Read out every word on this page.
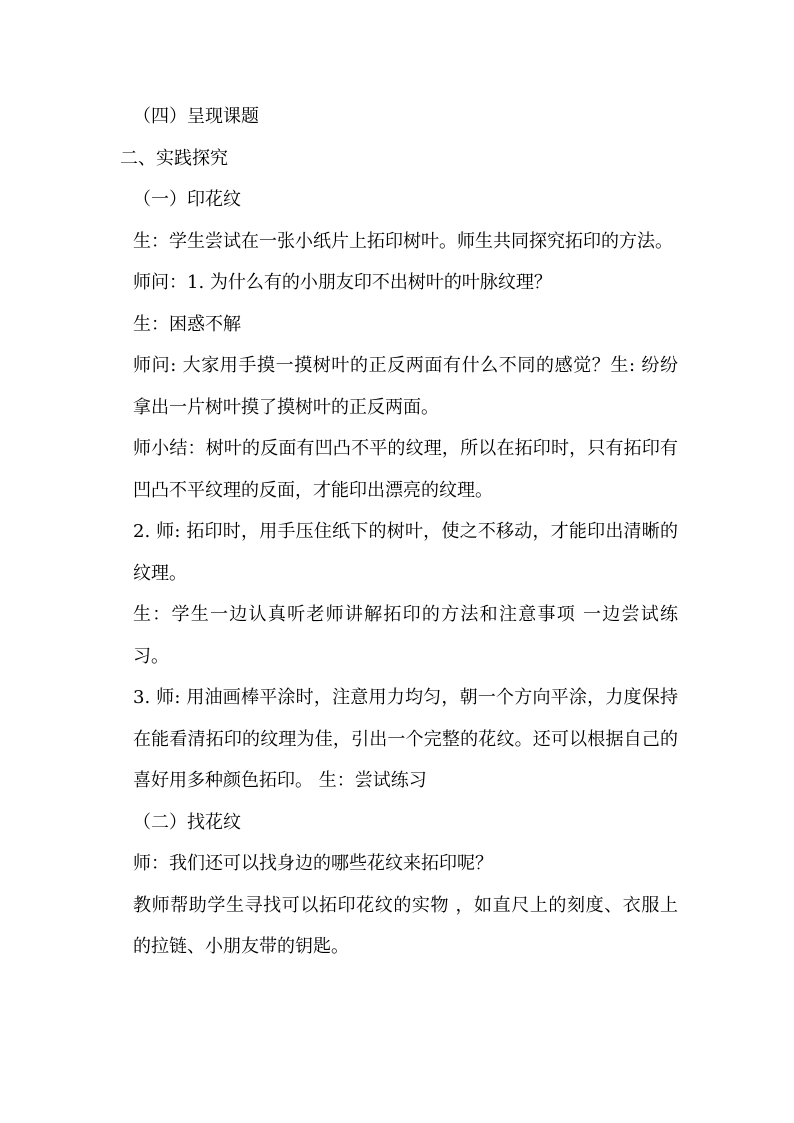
（四）呈现课题

二、实践探究

（一）印花纹

生：学生尝试在一张小纸片上拓印树叶。师生共同探究拓印的方法。

师问：1. 为什么有的小朋友印不出树叶的叶脉纹理？

生：困惑不解

师问: 大家用手摸一摸树叶的正反两面有什么不同的感觉？生: 纷纷拿出一片树叶摸了摸树叶的正反两面。

师小结：树叶的反面有凹凸不平的纹理，所以在拓印时，只有拓印有凹凸不平纹理的反面，才能印出漂亮的纹理。

2. 师: 拓印时，用手压住纸下的树叶，使之不移动，才能印出清晰的纹理。

生：学生一边认真听老师讲解拓印的方法和注意事项 一边尝试练习。

3. 师: 用油画棒平涂时，注意用力均匀，朝一个方向平涂，力度保持在能看清拓印的纹理为佳，引出一个完整的花纹。还可以根据自己的喜好用多种颜色拓印。 生：尝试练习

（二）找花纹

师：我们还可以找身边的哪些花纹来拓印呢？

教师帮助学生寻找可以拓印花纹的实物 ，如直尺上的刻度、衣服上的拉链、小朋友带的钥匙。
